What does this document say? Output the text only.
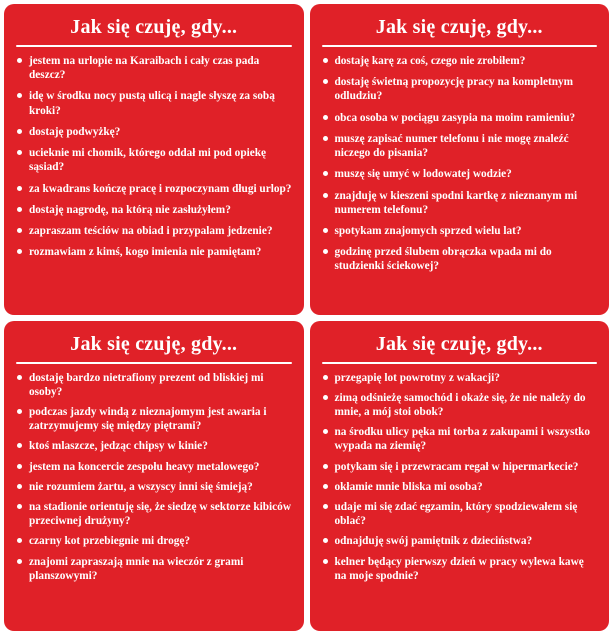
Jak się czuję, gdy...
jestem na urlopie na Karaibach i cały czas pada deszcz?
idę w środku nocy pustą ulicą i nagle słyszę za sobą kroki?
dostaję podwyżkę?
ucieknie mi chomik, którego oddał mi pod opiekę sąsiad?
za kwadrans kończę pracę i rozpoczynam długi urlop?
dostaję nagrodę, na którą nie zasłużyłem?
zapraszam teściów na obiad i przypalam jedzenie?
rozmawiam z kimś, kogo imienia nie pamiętam?
Jak się czuję, gdy...
dostaję karę za coś, czego nie zrobiłem?
dostaję świetną propozycję pracy na kompletnym odludziu?
obca osoba w pociągu zasypia na moim ramieniu?
muszę zapisać numer telefonu i nie mogę znaleźć niczego do pisania?
muszę się umyć w lodowatej wodzie?
znajduję w kieszeni spodni kartkę z nieznanym mi numerem telefonu?
spotykam znajomych sprzed wielu lat?
godzinę przed ślubem obrączka wpada mi do studzienki ściekowej?
Jak się czuję, gdy...
dostaję bardzo nietrafiony prezent od bliskiej mi osoby?
podczas jazdy windą z nieznajomym jest awaria i zatrzymujemy się między piętrami?
ktoś mlaszcze, jedząc chipsy w kinie?
jestem na koncercie zespołu heavy metalowego?
nie rozumiem żartu, a wszyscy inni się śmieją?
na stadionie orientuję się, że siedzę w sektorze kibiców przeciwnej drużyny?
czarny kot przebiegnie mi drogę?
znajomi zapraszają mnie na wieczór z grami planszowymi?
Jak się czuję, gdy...
przegapię lot powrotny z wakacji?
zimą odśnieżę samochód i okaże się, że nie należy do mnie, a mój stoi obok?
na środku ulicy pęka mi torba z zakupami i wszystko wypada na ziemię?
potykam się i przewracam regał w hipermarkecie?
okłamie mnie bliska mi osoba?
udaje mi się zdać egzamin, który spodziewałem się oblać?
odnajduję swój pamiętnik z dzieciństwa?
kelner będący pierwszy dzień w pracy wylewa kawę na moje spodnie?
